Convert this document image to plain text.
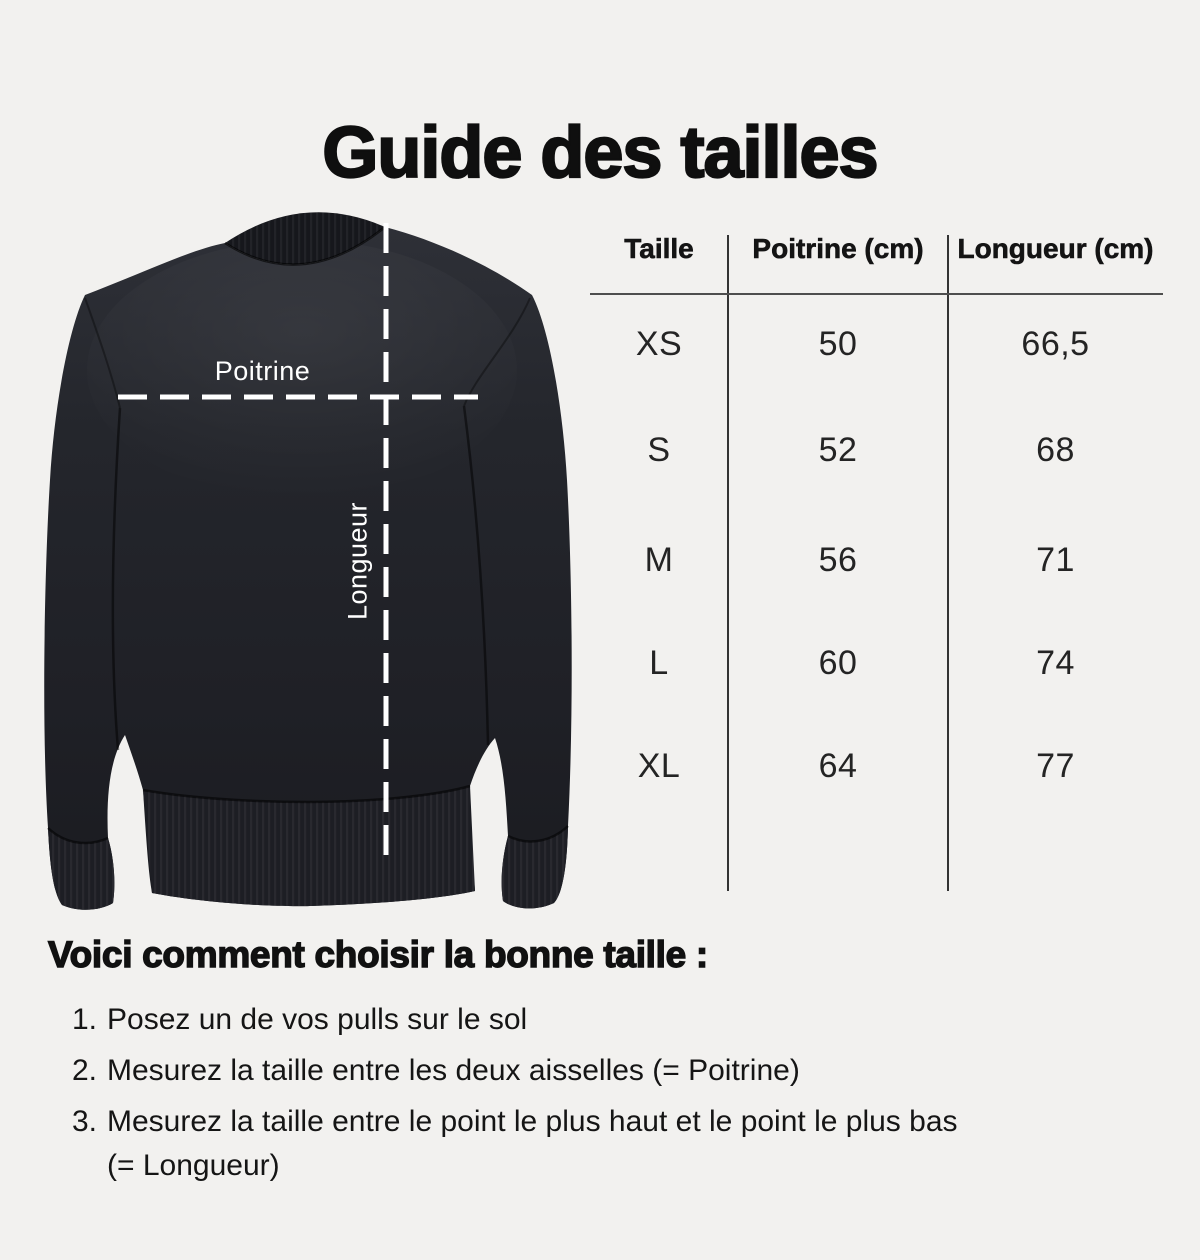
Guide des tailles
Poitrine
Longueur
Taille	Poitrine (cm)	Longueur (cm)
XS	50	66,5
S	52	68
M	56	71
L	60	74
XL	64	77
Voici comment choisir la bonne taille :
1. Posez un de vos pulls sur le sol
2. Mesurez la taille entre les deux aisselles (= Poitrine)
3. Mesurez la taille entre le point le plus haut et le point le plus bas
(= Longueur)
